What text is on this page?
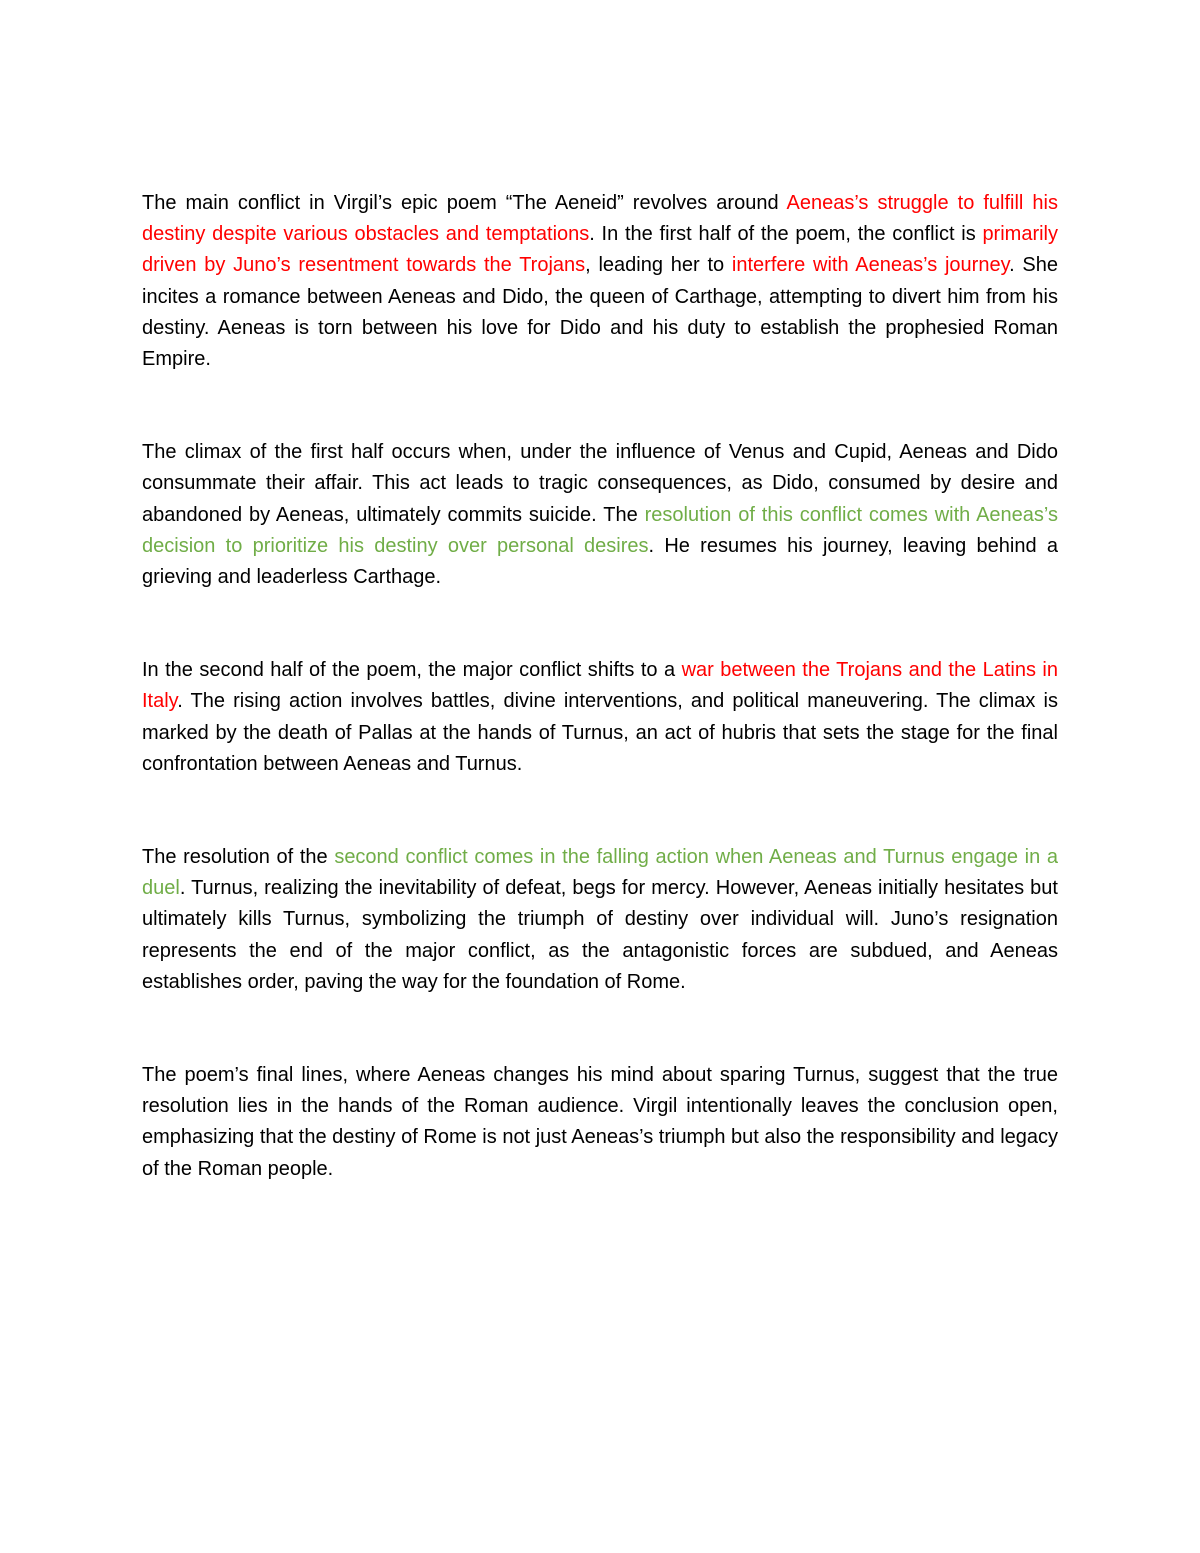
The main conflict in Virgil’s epic poem “The Aeneid” revolves around Aeneas’s struggle to fulfill his destiny despite various obstacles and temptations. In the first half of the poem, the conflict is primarily driven by Juno’s resentment towards the Trojans, leading her to interfere with Aeneas’s journey. She incites a romance between Aeneas and Dido, the queen of Carthage, attempting to divert him from his destiny. Aeneas is torn between his love for Dido and his duty to establish the prophesied Roman Empire.

The climax of the first half occurs when, under the influence of Venus and Cupid, Aeneas and Dido consummate their affair. This act leads to tragic consequences, as Dido, consumed by desire and abandoned by Aeneas, ultimately commits suicide. The resolution of this conflict comes with Aeneas’s decision to prioritize his destiny over personal desires. He resumes his journey, leaving behind a grieving and leaderless Carthage.

In the second half of the poem, the major conflict shifts to a war between the Trojans and the Latins in Italy. The rising action involves battles, divine interventions, and political maneuvering. The climax is marked by the death of Pallas at the hands of Turnus, an act of hubris that sets the stage for the final confrontation between Aeneas and Turnus.

The resolution of the second conflict comes in the falling action when Aeneas and Turnus engage in a duel. Turnus, realizing the inevitability of defeat, begs for mercy. However, Aeneas initially hesitates but ultimately kills Turnus, symbolizing the triumph of destiny over individual will. Juno’s resignation represents the end of the major conflict, as the antagonistic forces are subdued, and Aeneas establishes order, paving the way for the foundation of Rome.

The poem’s final lines, where Aeneas changes his mind about sparing Turnus, suggest that the true resolution lies in the hands of the Roman audience. Virgil intentionally leaves the conclusion open, emphasizing that the destiny of Rome is not just Aeneas’s triumph but also the responsibility and legacy of the Roman people.
